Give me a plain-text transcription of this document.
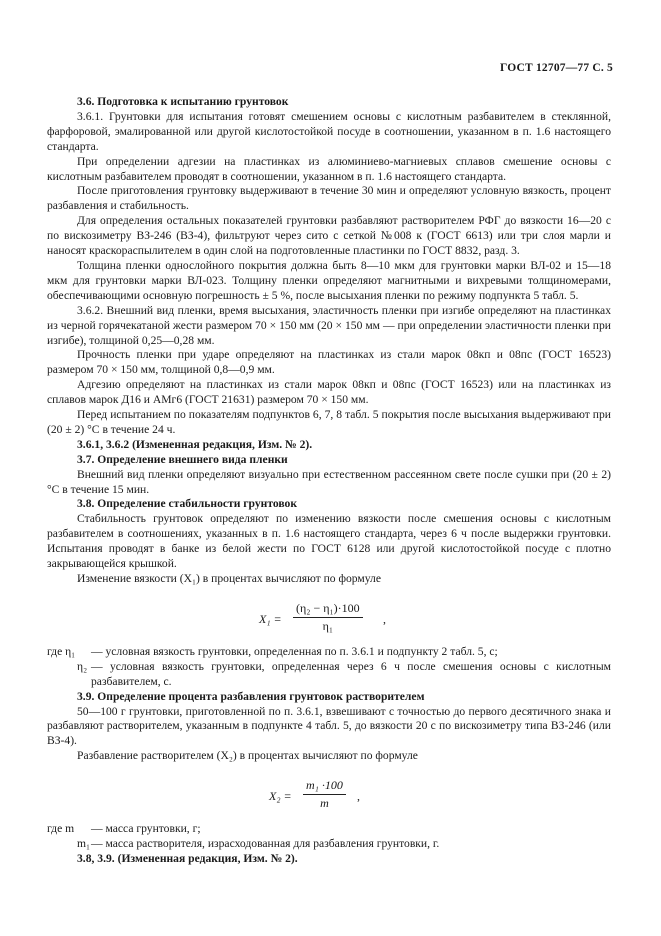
ГОСТ 12707—77 С. 5

3.6. Подготовка к испытанию грунтовок

3.6.1. Грунтовки для испытания готовят смешением основы с кислотным разбавителем в стеклянной, фарфоровой, эмалированной или другой кислотостойкой посуде в соотношении, указанном в п. 1.6 настоящего стандарта.

При определении адгезии на пластинках из алюминиево-магниевых сплавов смешение основы с кислотным разбавителем проводят в соотношении, указанном в п. 1.6 настоящего стандарта.

После приготовления грунтовку выдерживают в течение 30 мин и определяют условную вязкость, процент разбавления и стабильность.

Для определения остальных показателей грунтовки разбавляют растворителем РФГ до вязкости 16—20 с по вискозиметру ВЗ-246 (ВЗ-4), фильтруют через сито с сеткой №008 к (ГОСТ 6613) или три слоя марли и наносят краскораспылителем в один слой на подготовленные пластинки по ГОСТ 8832, разд. 3.

Толщина пленки однослойного покрытия должна быть 8—10 мкм для грунтовки марки ВЛ-02 и 15—18 мкм для грунтовки марки ВЛ-023. Толщину пленки определяют магнитными и вихревыми толщиномерами, обеспечивающими основную погрешность ± 5 %, после высыхания пленки по режиму подпункта 5 табл. 5.

3.6.2. Внешний вид пленки, время высыхания, эластичность пленки при изгибе определяют на пластинках из черной горячекатаной жести размером 70 × 150 мм (20 × 150 мм — при определении эластичности пленки при изгибе), толщиной 0,25—0,28 мм.

Прочность пленки при ударе определяют на пластинках из стали марок 08кп и 08пс (ГОСТ 16523) размером 70 × 150 мм, толщиной 0,8—0,9 мм.

Адгезию определяют на пластинках из стали марок 08кп и 08пс (ГОСТ 16523) или на пластинках из сплавов марок Д16 и АМг6 (ГОСТ 21631) размером 70 × 150 мм.

Перед испытанием по показателям подпунктов 6, 7, 8 табл. 5 покрытия после высыхания выдерживают при (20 ± 2) °С в течение 24 ч.

3.6.1, 3.6.2 (Измененная редакция, Изм. № 2).

3.7. Определение внешнего вида пленки

Внешний вид пленки определяют визуально при естественном рассеянном свете после сушки при (20 ± 2) °С в течение 15 мин.

3.8. Определение стабильности грунтовок

Стабильность грунтовок определяют по изменению вязкости после смешения основы с кислотным разбавителем в соотношениях, указанных в п. 1.6 настоящего стандарта, через 6 ч после выдержки грунтовки. Испытания проводят в банке из белой жести по ГОСТ 6128 или другой кислотостойкой посуде с плотно закрывающейся крышкой.

Изменение вязкости (X₁) в процентах вычисляют по формуле

X₁ =
(η₂ − η₁)·100
η₁	,
где η₁	— условная вязкость грунтовки, определенная по п. 3.6.1 и подпункту 2 табл. 5, с;
η₂ — условная вязкость грунтовки, определенная через 6 ч после смешения основы с кислотным разбавителем, с.

3.9. Определение процента разбавления грунтовок растворителем

50—100 г грунтовки, приготовленной по п. 3.6.1, взвешивают с точностью до первого десятичного знака и разбавляют растворителем, указанным в подпункте 4 табл. 5, до вязкости 20 с по вискозиметру типа ВЗ-246 (или ВЗ-4).

Разбавление растворителем (X₂) в процентах вычисляют по формуле

X₂ =
m₁ ·100
m	,
где m	— масса грунтовки, г;
m₁ — масса растворителя, израсходованная для разбавления грунтовки, г.

3.8, 3.9. (Измененная редакция, Изм. № 2).
